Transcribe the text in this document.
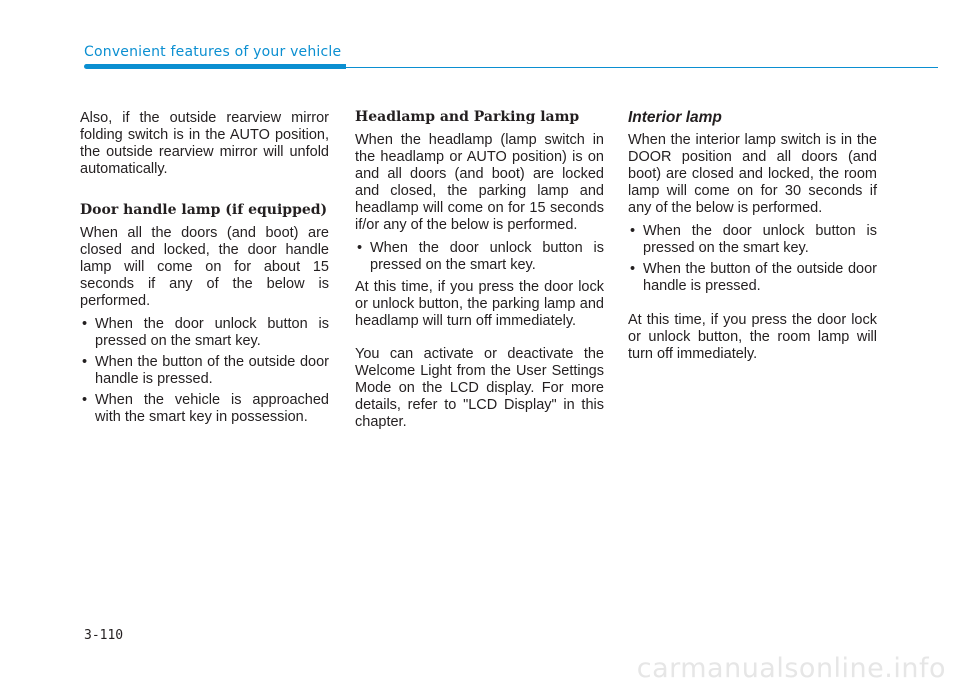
Convenient features of your vehicle

Also, if the outside rearview mirror folding switch is in the AUTO position, the outside rearview mirror will unfold automatically.

Door handle lamp (if equipped)

When all the doors (and boot) are closed and locked, the door handle lamp will come on for about 15 seconds if any of the below is performed.

• When the door unlock button is pressed on the smart key.
• When the button of the outside door handle is pressed.
• When the vehicle is approached with the smart key in possession.
Headlamp and Parking lamp

When the headlamp (lamp switch in the headlamp or AUTO position) is on and all doors (and boot) are locked and closed, the parking lamp and headlamp will come on for 15 seconds if/or any of the below is performed.

• When the door unlock button is pressed on the smart key.

At this time, if you press the door lock or unlock button, the parking lamp and headlamp will turn off immediately.

You can activate or deactivate the Welcome Light from the User Settings Mode on the LCD display. For more details, refer to "LCD Display" in this chapter.

Interior lamp

When the interior lamp switch is in the DOOR position and all doors (and boot) are closed and locked, the room lamp will come on for 30 seconds if any of the below is performed.

• When the door unlock button is pressed on the smart key.
• When the button of the outside door handle is pressed.

At this time, if you press the door lock or unlock button, the room lamp will turn off immediately.

3-110
carmanualsonline.info
